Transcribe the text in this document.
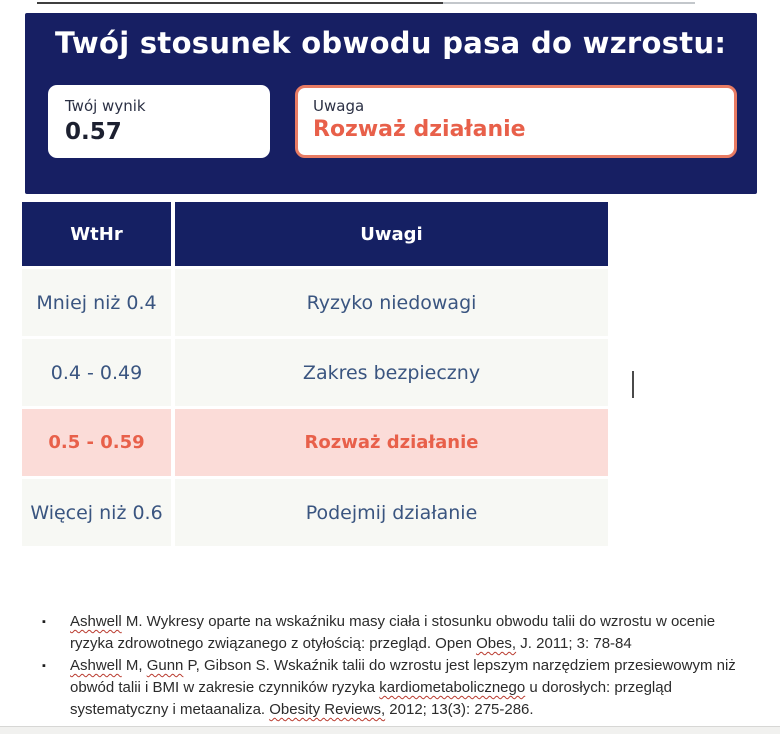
Twój stosunek obwodu pasa do wzrostu:
Twój wynik
0.57
Uwaga
Rozważ działanie
WtHr	Uwagi
Mniej niż 0.4	Ryzyko niedowagi
0.4 - 0.49	Zakres bezpieczny
0.5 - 0.59	Rozważ działanie
Więcej niż 0.6	Podejmij działanie
▪ Ashwell M. Wykresy oparte na wskaźniku masy ciała i stosunku obwodu talii do wzrostu w ocenie ryzyka zdrowotnego związanego z otyłością: przegląd. Open Obes, J. 2011; 3: 78-84
▪ Ashwell M, Gunn P, Gibson S. Wskaźnik talii do wzrostu jest lepszym narzędziem przesiewowym niż obwód talii i BMI w zakresie czynników ryzyka kardiometabolicznego u dorosłych: przegląd systematyczny i metaanaliza. Obesity Reviews, 2012; 13(3): 275-286.
